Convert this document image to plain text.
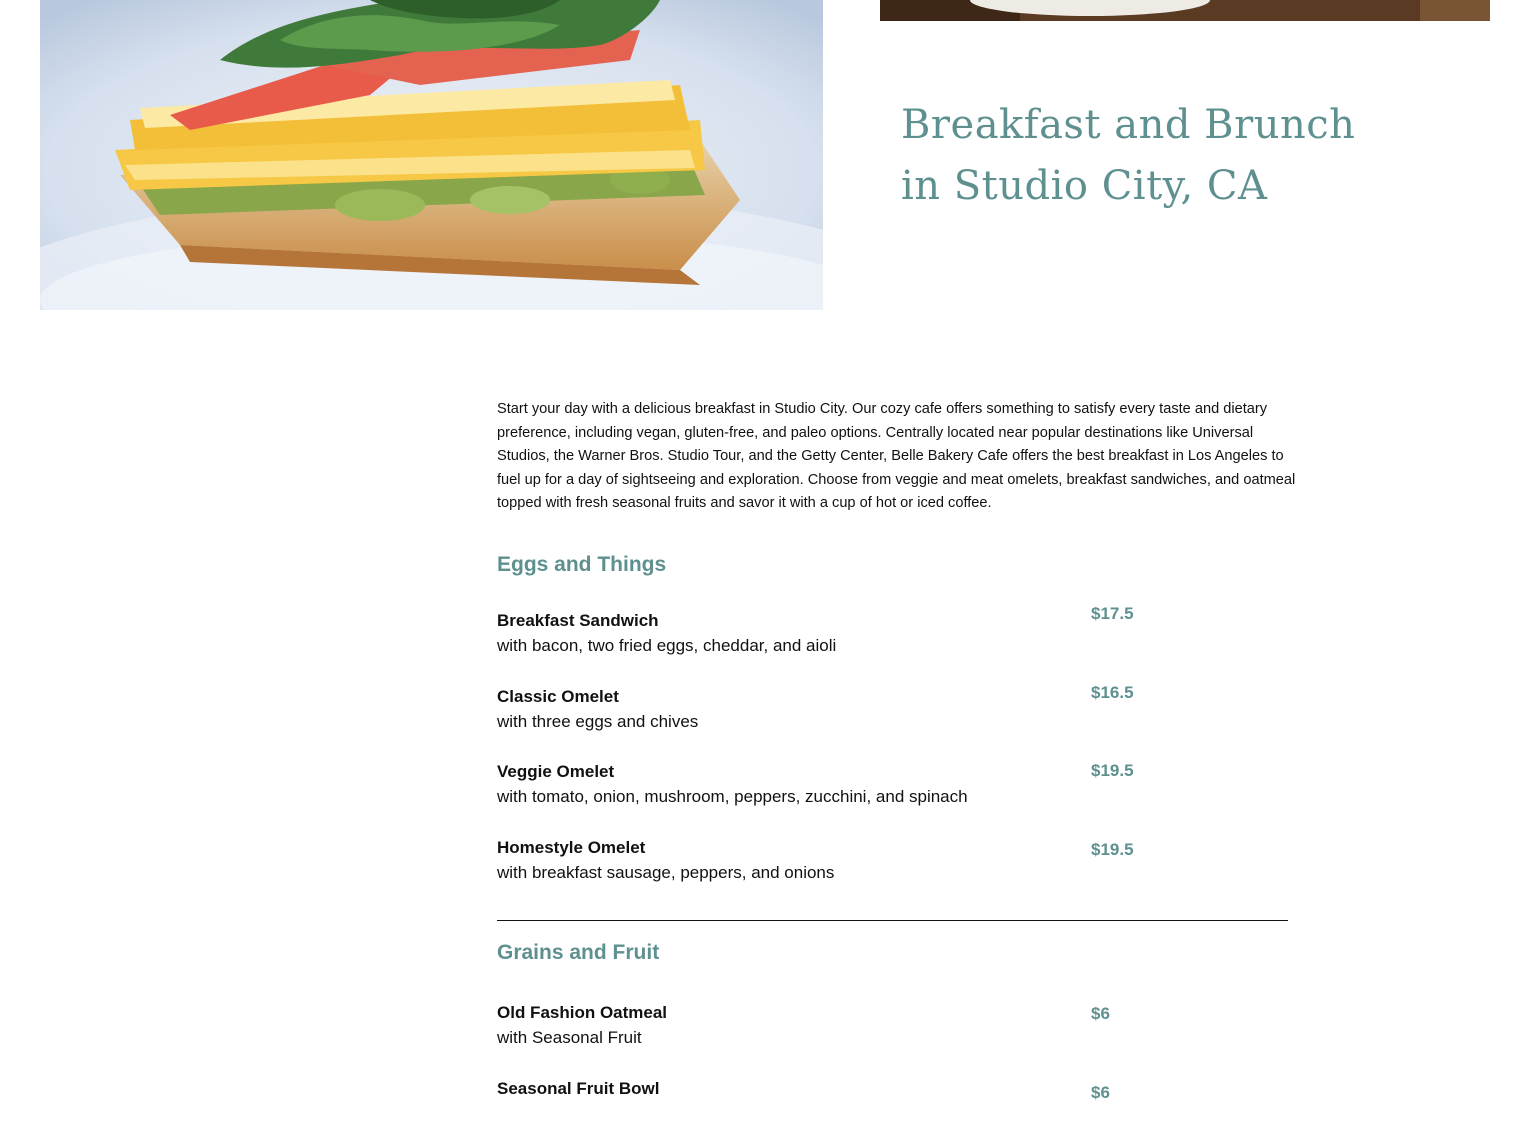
Breakfast and Brunch
in Studio City, CA

Start your day with a delicious breakfast in Studio City. Our cozy cafe offers something to satisfy every taste and dietary preference, including vegan, gluten-free, and paleo options. Centrally located near popular destinations like Universal Studios, the Warner Bros. Studio Tour, and the Getty Center, Belle Bakery Cafe offers the best breakfast in Los Angeles to fuel up for a day of sightseeing and exploration. Choose from veggie and meat omelets, breakfast sandwiches, and oatmeal topped with fresh seasonal fruits and savor it with a cup of hot or iced coffee.

Eggs and Things
Breakfast Sandwich
with bacon, two fried eggs, cheddar, and aioli
$17.5
Classic Omelet
with three eggs and chives
$16.5
Veggie Omelet
with tomato, onion, mushroom, peppers, zucchini, and spinach
$19.5
Homestyle Omelet
with breakfast sausage, peppers, and onions
$19.5
Grains and Fruit
Old Fashion Oatmeal
with Seasonal Fruit
$6
Seasonal Fruit Bowl	$6
